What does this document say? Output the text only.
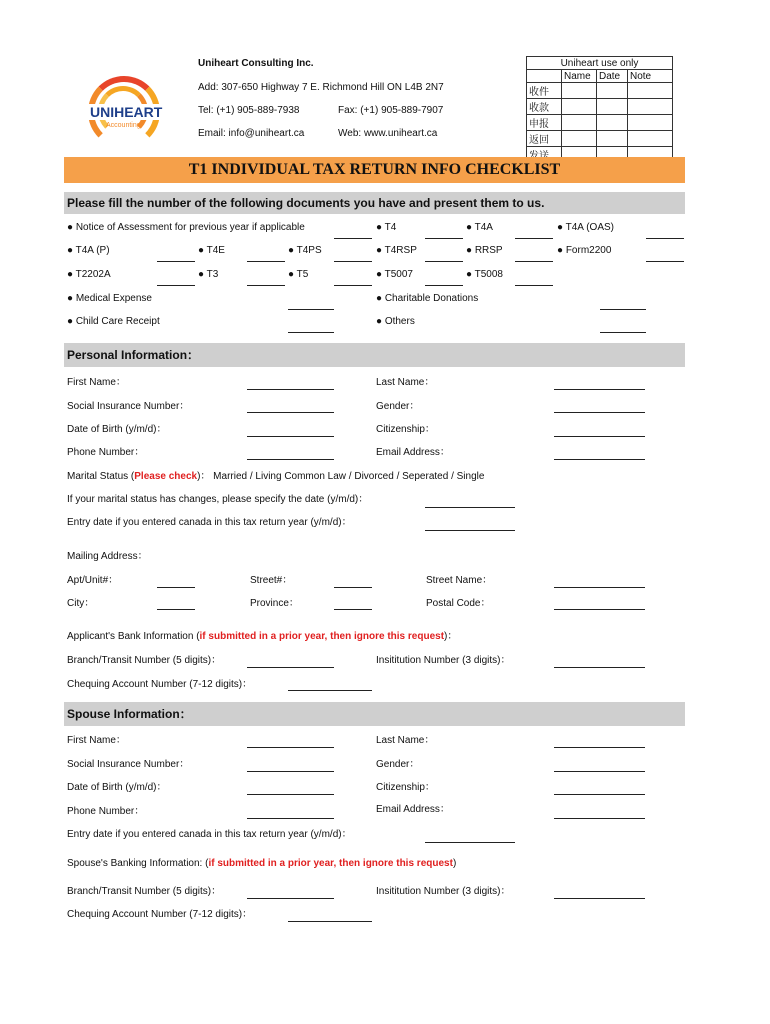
UNIHEART
Accounting
Uniheart Consulting Inc.
Add: 307-650 Highway 7 E. Richmond Hill ON L4B 2N7
Tel: (+1) 905-889-7938	Fax: (+1) 905-889-7907
Email: info@uniheart.ca	Web: www.uniheart.ca
Uniheart use only			
	Name	Date	Note
收件			
收款			
申报			
返回			

T1 INDIVIDUAL TAX RETURN INFO CHECKLIST
Please fill the number of the following documents you have and present them to us.
● Notice of Assessment for previous year if applicable	● T4	● T4A	● T4A (OAS)
● T4A (P)	● T4E	● T4PS	● T4RSP	● RRSP	● Form2200
● T2202A	● T3	● T5	● T5007	● T5008
● Medical Expense	● Charitable Donations
● Child Care Receipt	● Others
Personal Information：
First Name：	Last Name：
Social Insurance Number：	Gender：
Date of Birth (y/m/d)：	Citizenship：
Phone Number：	Email Address：
Marital Status (Please check)： Married / Living Common Law / Divorced / Seperated / Single
If your marital status has changes, please specify the date (y/m/d)：
Entry date if you entered canada in this tax return year (y/m/d)：
Mailing Address：
Apt/Unit#：	Street#：	Street Name：
City：	Province：	Postal Code：
Applicant's Bank Information (if submitted in a prior year, then ignore this request)：
Branch/Transit Number (5 digits)：	Insititution Number (3 digits)：
Chequing Account Number (7-12 digits)：
Spouse Information：
First Name：	Last Name：
Social Insurance Number：	Gender：
Date of Birth (y/m/d)：	Citizenship：
Phone Number：	Email Address：
Entry date if you entered canada in this tax return year (y/m/d)：
Spouse's Banking Information: (if submitted in a prior year, then ignore this request)
Branch/Transit Number (5 digits)：	Insititution Number (3 digits)：
Chequing Account Number (7-12 digits)：
